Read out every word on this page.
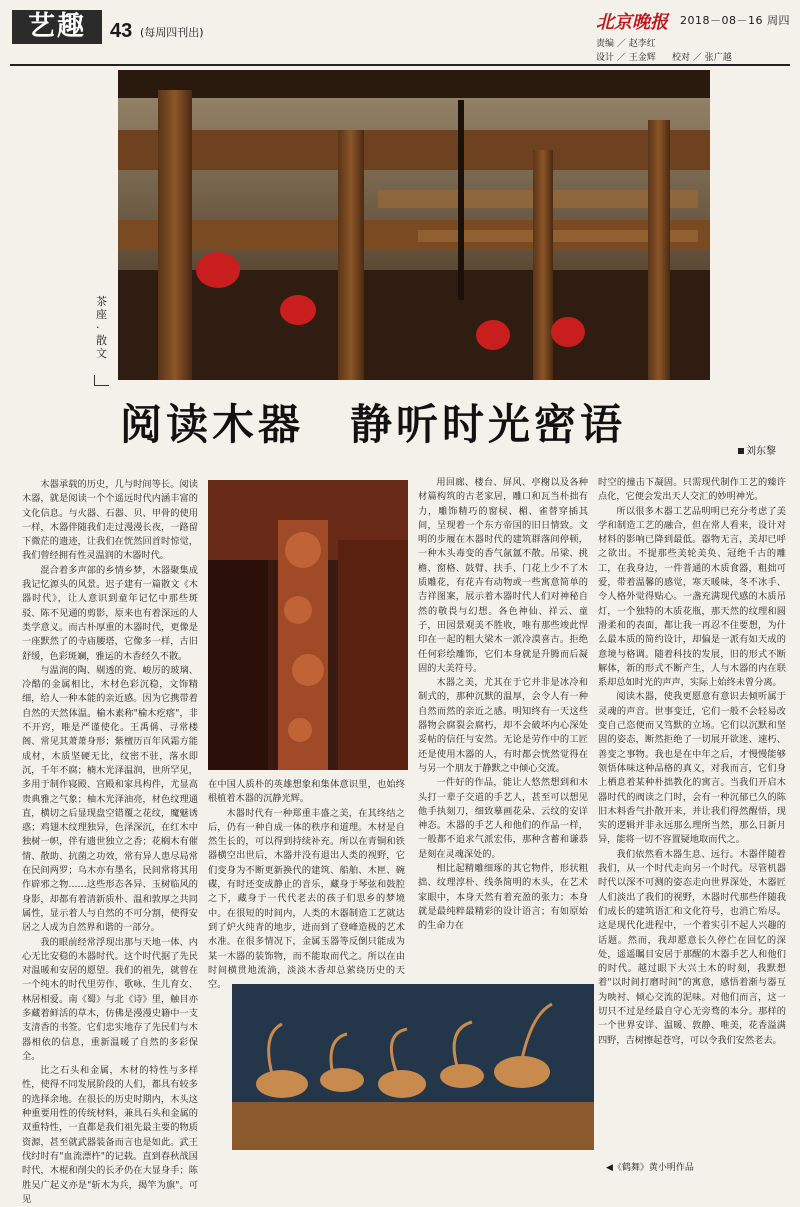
艺趣	43 (每周四刊出)	北京晚报 2018－08－16 周四
责编 ／ 赵李红
设计 ／ 王金辉 校对 ／ 张广越
茶座·散文
阅读木器　静听时光密语
刘东黎

木器承载的历史，几与时间等长。阅读木器，就是阅读一个个遥远时代内涵丰富的文化信息。与火器、石器、贝、甲骨的使用一样，木器伴随我们走过漫漫长夜，一路留下微茫的遗迹，让我们在恍然回首时惊觉，我们曾经拥有性灵温润的木器时代。

混合着多声部的乡情乡梦，木器聚集成我记忆源头的风景。迟子建有一篇散文《木器时代》，让人意识到童年记忆中那些斑驳、陈不见通的剪影，原来也有着深远的人类学意义。而古朴厚重的木器时代，更像是一座默然了的寺庙腰塔，它像多一样，古旧舒缓，色彩斑斓，雅运的木香经久不散。

与温润的陶、剔透的瓷、峻厉的玻璃、冷酷的金属相比，木材色彩沉稳，文饰精细，给人一种本能的亲近感。因为它携带着自然的天然体温。榆木素称"榆木疙瘩"，非不开窍，唯是严谨使化。王禹偁、寻常楼阁、常见其萧萧身形；紫檀历百年风霜方能成材，木质坚硬无比，纹密不驻，落水即沉，千年不腐；楠木光泽温润，世所罕见，多用于制作寝殿、宫殿和家具构件，尤显高贵典雅之气象；柚木光泽油亮，材色纹理通直，横切之后显现盘空错覆之花纹，魔魅诱惑；鸡翅木纹理独异，色泽深沉，在红木中独树一帜，伴有遗世独立之香；花榈木有催情、散助、抗菌之功效，常有异人患尽局常在民间两罗；乌木亦有墨名，民间常将其用作辟邪之物……这些形态各异、玉树临风的身影，却都有着清新质朴、温和敦厚之共同属性，显示着人与自然的不可分割，使得安居之人成为自然界和谐的一部分。

我的眼前经常浮现出那与天地一体、内心无比安稳的木器时代。这个时代据了先民对温暖和安居的愿望。我们的祖先，就曾在一个纯木的时代里劳作、歌咏、生儿育女、林居相爱。南《蜀》与北《诗》里，触目亦多藏着鲜活的草木，仿佛是漫漫史籍中一支支清香的书签。它们忠实地存了先民们与木器相依的信息，重新温暖了自然的多彩保全。

比之石头和金属，木材的特性与多样性，使得不同发展阶段的人们，都具有较多的选择余地。在很长的历史时期内，木头这种重要用性的传统材料，兼具石头和金属的双重特性，一直都是我们祖先最主要的物质资源，甚至就武器装备而言也是如此。武王伐纣时有"血流漂杵"的记载。直到春秋战国时代，木棍和削尖的长矛仍在大显身手；陈胜吴广起义亦是"斩木为兵，揭竿为旗"。可见

在中国人质朴的英雄想象和集体意识里，也始终根植着木器的沉静光辉。

木器时代有一种郑重丰盛之美，在其终结之后，仍有一种自成一体的秩序和道理。木材是自然生长的，可以得到持续补充。所以在青铜和铁器横空出世后，木器并没有退出人类的视野，它们变身为不断更新换代的建筑、船舶、木匣、碗碟，有时还变成静止的音乐，藏身于琴弦和鼓腔之下，藏身于一代代老去的孩子们思乡的梦境中。在很短的时间内，人类的木器制造工艺就达到了炉火纯青的地步，进而到了登峰造极的艺术水准。在很多情况下，金属玉器等反倒只能成为某一木器的装饰物，而不能取而代之。所以在由时间横贯地流淌，淡淡木香却总萦绕历史的天空。

用回廊、楼台、屏风、亭榭以及各种材篇构筑的古老家居，雕口和瓦当朴拙有力，雕饰精巧的窗棂、楣、雀替穿插其间，呈现着一个东方帝国的旧日情致。文明的步履在木器时代的建筑群落间停顿，一种木头毒变的香气氤氲不散。吊梁、挑檐、窗格、鼓臂、扶手、门花上少不了木质雕花，有花卉有动物或一些寓意简单的吉祥图案，展示着木器时代人们对神秘自然的敬畏与幻想。各色神仙、祥云、童子，田园景观美不胜收，唯有那些竣此悍印在一起的粗大梁木一派冷漠喜古。拒绝任何彩绘雕饰，它们本身就是升腾而后凝固的大美符号。

木器之美，尤其在于它并非是冰冷和制式的，那种沉默的温厚，会令人有一种自然而然的亲近之感。明知终有一天这些器物会腐裂会腐朽，却不会破坏内心深处妥帖的信任与安然。无论是劳作中的工匠还是使用木器的人，有时都会恍然觉得在与另一个朋友于静默之中倾心交流。

一件好的作品，能让人悠然想到和木头打一辈子交道的手艺人，甚至可以想见他手执刻刀，细致摹画花朵、云纹的安详神态。木器的手艺人和他们的作品一样，一般都不追求气派宏伟，那种含蓄和谦恭是刻在灵魂深处的。

相比起精雕细琢的其它物件，形状粗拙、纹理淳朴、线条简明的木头，在艺术家眼中，本身天然有着充盈的张力；本身就是最纯粹最精彩的设计语言；有如原始的生命力在

时空的撞击下凝固。只需现代制作工艺的臻许点化，它便会发出天人交汇的妙明神光。

所以很多木器工艺品明明已充分考虑了美学和制造工艺的融合，但在常人看来，设计对材料的影响已降到最低。器物无言，美却已呼之欲出。不提那些美轮美奂、冠绝千古的雕工，在我身边，一件普通的木质食器，粗拙可爱，带着温馨的感觉，寒天暖味，冬不冰手、令人格外觉得贴心。一盏充满现代感的木质吊灯，一个独特的木质花瓶，那天然的纹理和圆滑柔和的表面，都让我一再忍不住要想，为什么最本质的简约设计，却偏是一派有如天成的意境与格调。随着科技的发展，旧的形式不断解体，新的形式不断产生，人与木器的内在联系却总如时光的声声，实际上始终未曾分离。

阅读木器，使我更愿意有意识去倾听属于灵魂的声音。世事变迁，它们一般不会轻易改变自己恣便而又笃默的立场。它们以沉默和坚固的姿态，断然拒绝了一切展开欲迷、速朽、善变之事物。我也是在中年之后，才慢慢能够领悟体味这种品格的真义，对我而言，它们身上栖息着某种朴拙教化的寓言。当我们开启木器时代的阀读之门时，会有一种沉郁已久的陈旧木料香气扑散开来，并让我们得然醒悟，现实的逻辑并非永远那么理所当然，那么日新月异，能将一切不容置疑地取而代之。

我们依然看木器生息、远行。木器伴随着我们，从一个时代走向另一个时代。尽管机器时代以深不可测的姿态走向世界深处，木器匠人们淡出了我们的视野，木器时代那些伴随我们成长的建筑语汇和文化符号，也消亡殆尽。这是现代化进程中，一个着实引不起人兴趣的话题。然而，我却愿意长久停伫在回忆的深处，遥遥瞩目安居于那醒的木器手艺人和他们的时代。越过眼下大兴土木的时刻，我默想着"以时间打磨时间"的寓意，感悟着渐与器互为映衬、倾心交流的泥味。对他们而言，这一切只不过是经最自守心无旁骛的本分。那样的一个世界安详、温暖、敦静、唯美，花香溢满四野，吉树擦起苍穹，可以令我们安然老去。

◀《鹤舞》黄小明作品
